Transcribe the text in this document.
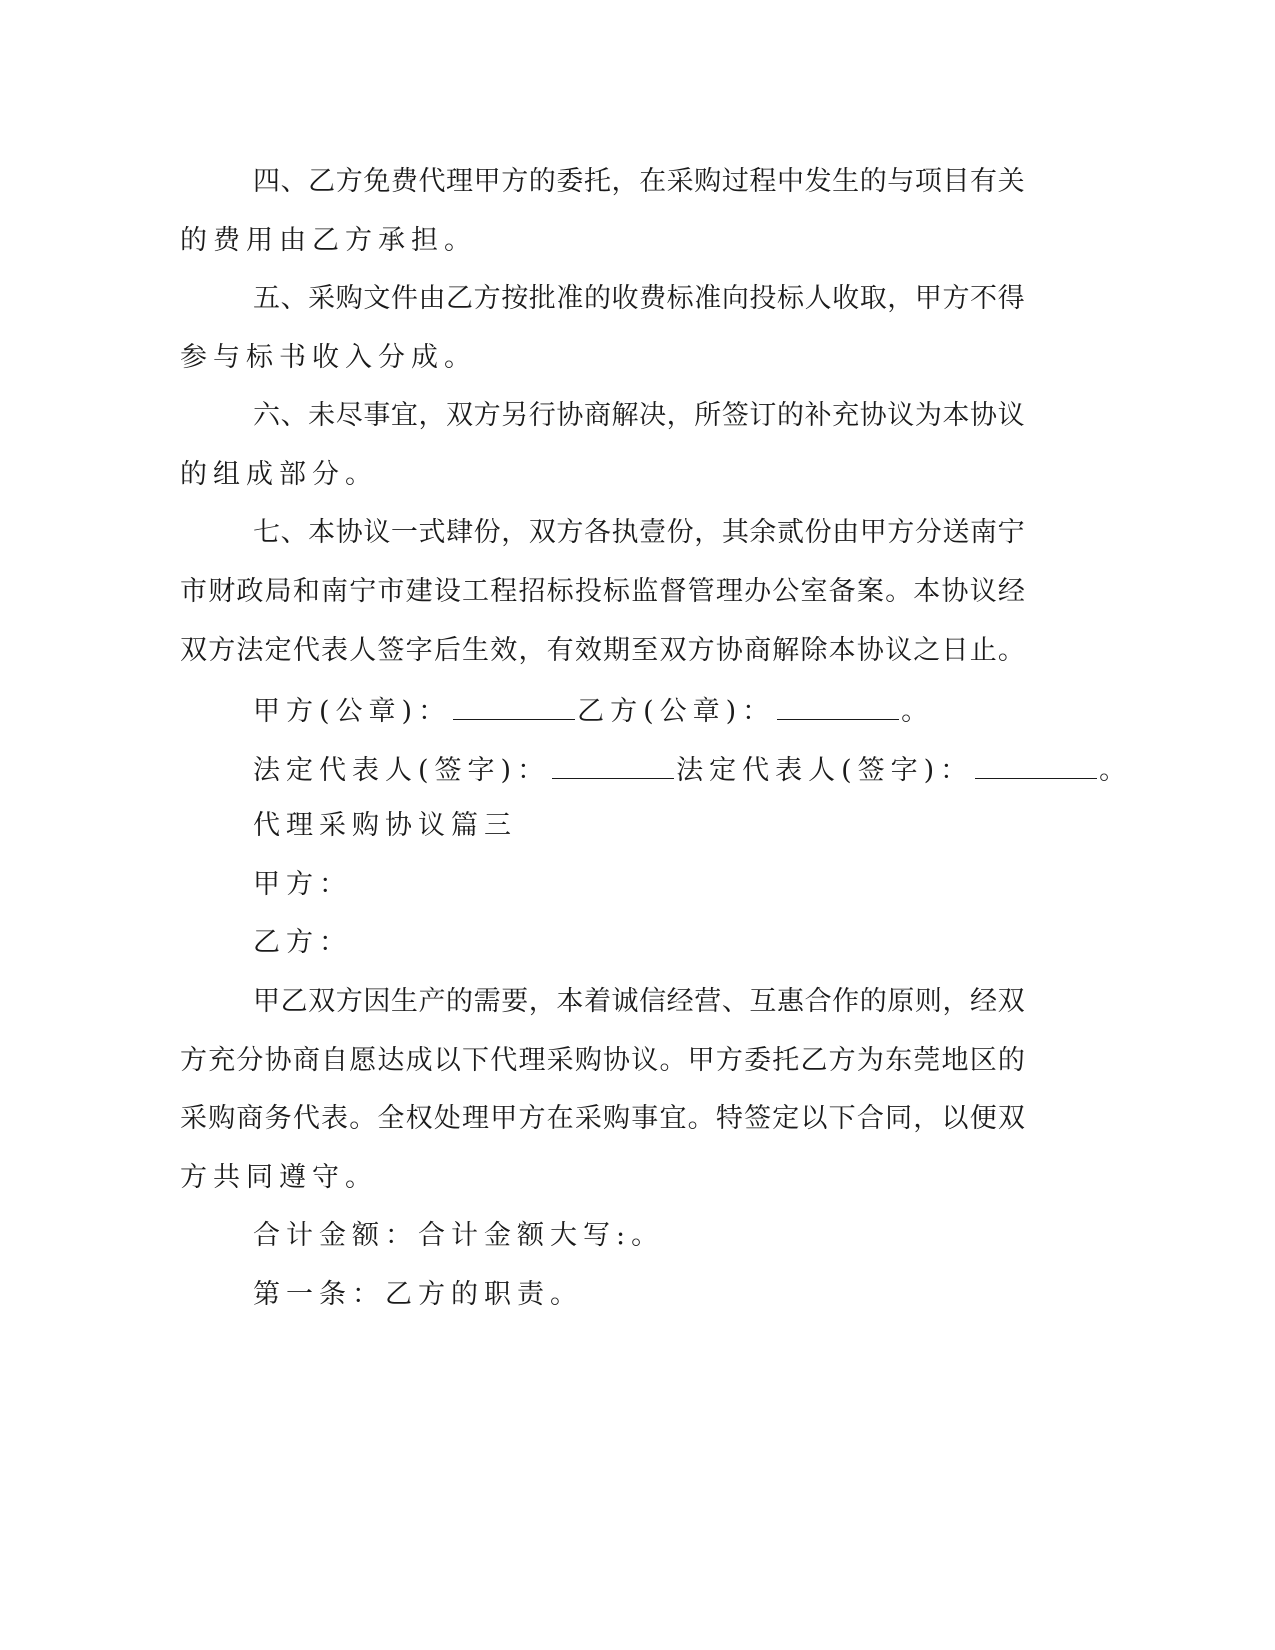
四 、 乙 方 免 费 代 理 甲 方 的 委 托 ， 在 采 购 过 程 中 发 生 的 与 项 目 有 关
的费用由乙方承担。
五 、 采 购 文 件 由 乙 方 按 批 准 的 收 费 标 准 向 投 标 人 收 取 ， 甲 方 不 得
参与标书收入分成。
六 、 未 尽 事 宜 ， 双 方 另 行 协 商 解 决 ， 所 签 订 的 补 充 协 议 为 本 协 议
的组成部分。
七 、 本 协 议 一 式 肆 份 ， 双 方 各 执 壹 份 ， 其 余 贰 份 由 甲 方 分 送 南 宁
市 财 政 局 和 南 宁 市 建 设 工 程 招 标 投 标 监 督 管 理 办 公 室 备 案 。 本 协 议 经
双 方 法 定 代 表 人 签 字 后 生 效 ， 有 效 期 至 双 方 协 商 解 除 本 协 议 之 日 止 。
甲方(公章)：	乙方(公章)：	。
法定代表人(签字)：	法定代表人(签字)：	。
代理采购协议篇三
甲方：
乙方：
甲 乙 双 方 因 生 产 的 需 要 ， 本 着 诚 信 经 营 、 互 惠 合 作 的 原 则 ， 经 双
方 充 分 协 商 自 愿 达 成 以 下 代 理 采 购 协 议 。 甲 方 委 托 乙 方 为 东 莞 地 区 的
采 购 商 务 代 表 。 全 权 处 理 甲 方 在 采 购 事 宜 。 特 签 定 以 下 合 同 ， 以 便 双
方共同遵守。
合计金额：合计金额大写:。
第一条：乙方的职责。
